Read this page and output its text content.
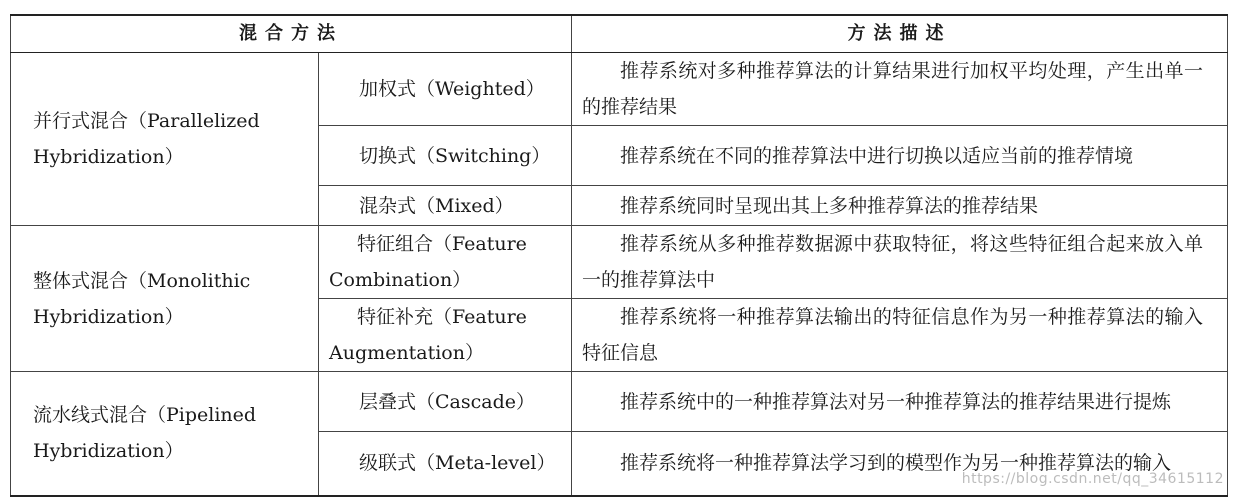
混合方法		方法描述

并行式混合（Parallelized
Hybridization）	加权式（Weighted）	推荐系统对多种推荐算法的计算结果进行加权平均处理，产生出单一的推荐结果

	切换式（Switching）	推荐系统在不同的推荐算法中进行切换以适应当前的推荐情境

	混杂式（Mixed）	推荐系统同时呈现出其上多种推荐算法的推荐结果

整体式混合（Monolithic
Hybridization）	特征组合（Feature Combination）	推荐系统从多种推荐数据源中获取特征，将这些特征组合起来放入单一的推荐算法中

	特征补充（Feature Augmentation）	推荐系统将一种推荐算法输出的特征信息作为另一种推荐算法的输入特征信息

流水线式混合（Pipelined
Hybridization）	层叠式（Cascade）	推荐系统中的一种推荐算法对另一种推荐算法的推荐结果进行提炼

	级联式（Meta-level）	推荐系统将一种推荐算法学习到的模型作为另一种推荐算法的输入
https://blog.csdn.net/qq_34615112
